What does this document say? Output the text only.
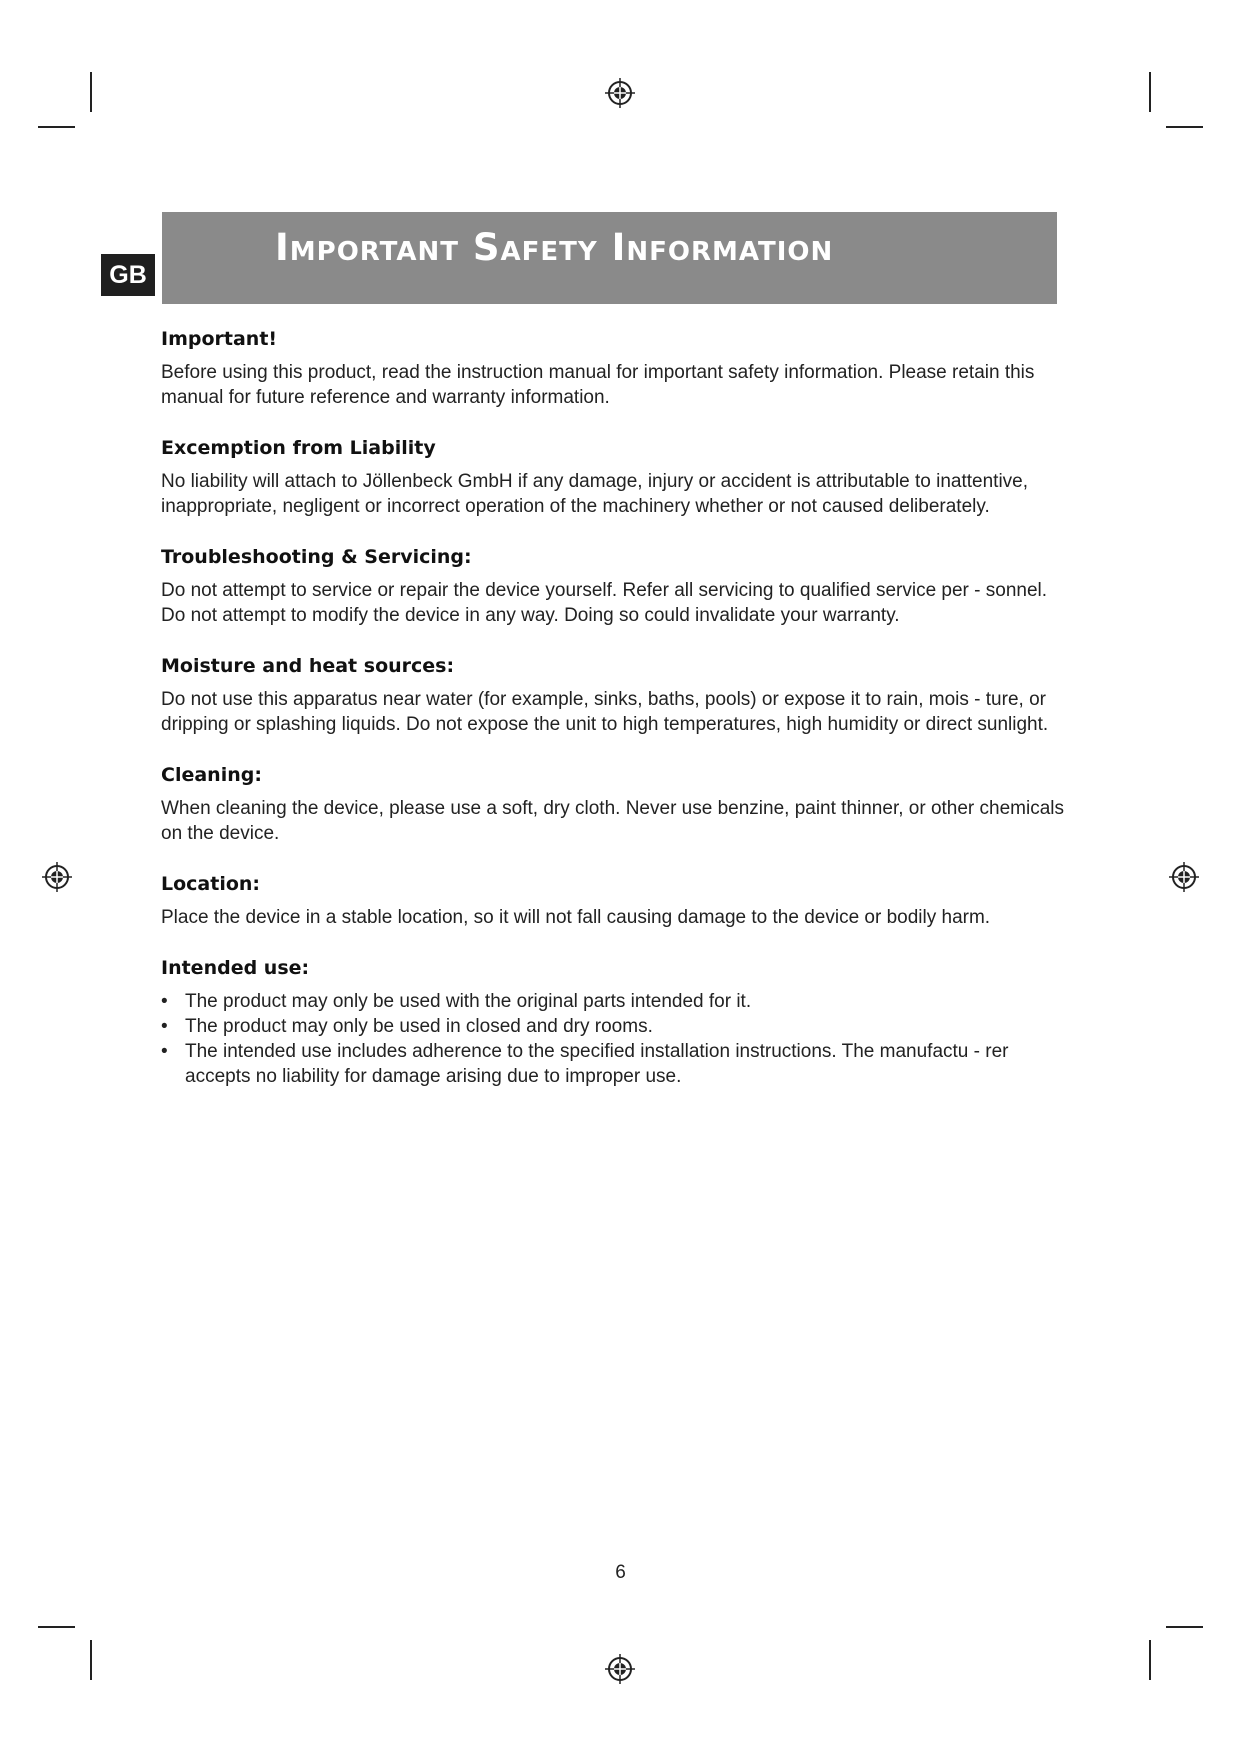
GB
Important Safety Information

Important!

Before using this product, read the instruction manual for important safety information. Please retain this manual for future reference and warranty information.

Excemption from Liability

No liability will attach to Jöllenbeck GmbH if any damage, injury or accident is attributable to inattentive, inappropriate, negligent or incorrect operation of the machinery whether or not caused deliberately.

Troubleshooting & Servicing:

Do not attempt to service or repair the device yourself. Refer all servicing to qualified service per - sonnel. Do not attempt to modify the device in any way. Doing so could invalidate your warranty.

Moisture and heat sources:

Do not use this apparatus near water (for example, sinks, baths, pools) or expose it to rain, mois - ture, or dripping or splashing liquids. Do not expose the unit to high temperatures, high humidity or direct sunlight.

Cleaning:

When cleaning the device, please use a soft, dry cloth. Never use benzine, paint thinner, or other chemicals on the device.

Location:

Place the device in a stable location, so it will not fall causing damage to the device or bodily harm.

Intended use:

• The product may only be used with the original parts intended for it.
• The product may only be used in closed and dry rooms.
• The intended use includes adherence to the specified installation instructions. The manufactu - rer accepts no liability for damage arising due to improper use.
6
